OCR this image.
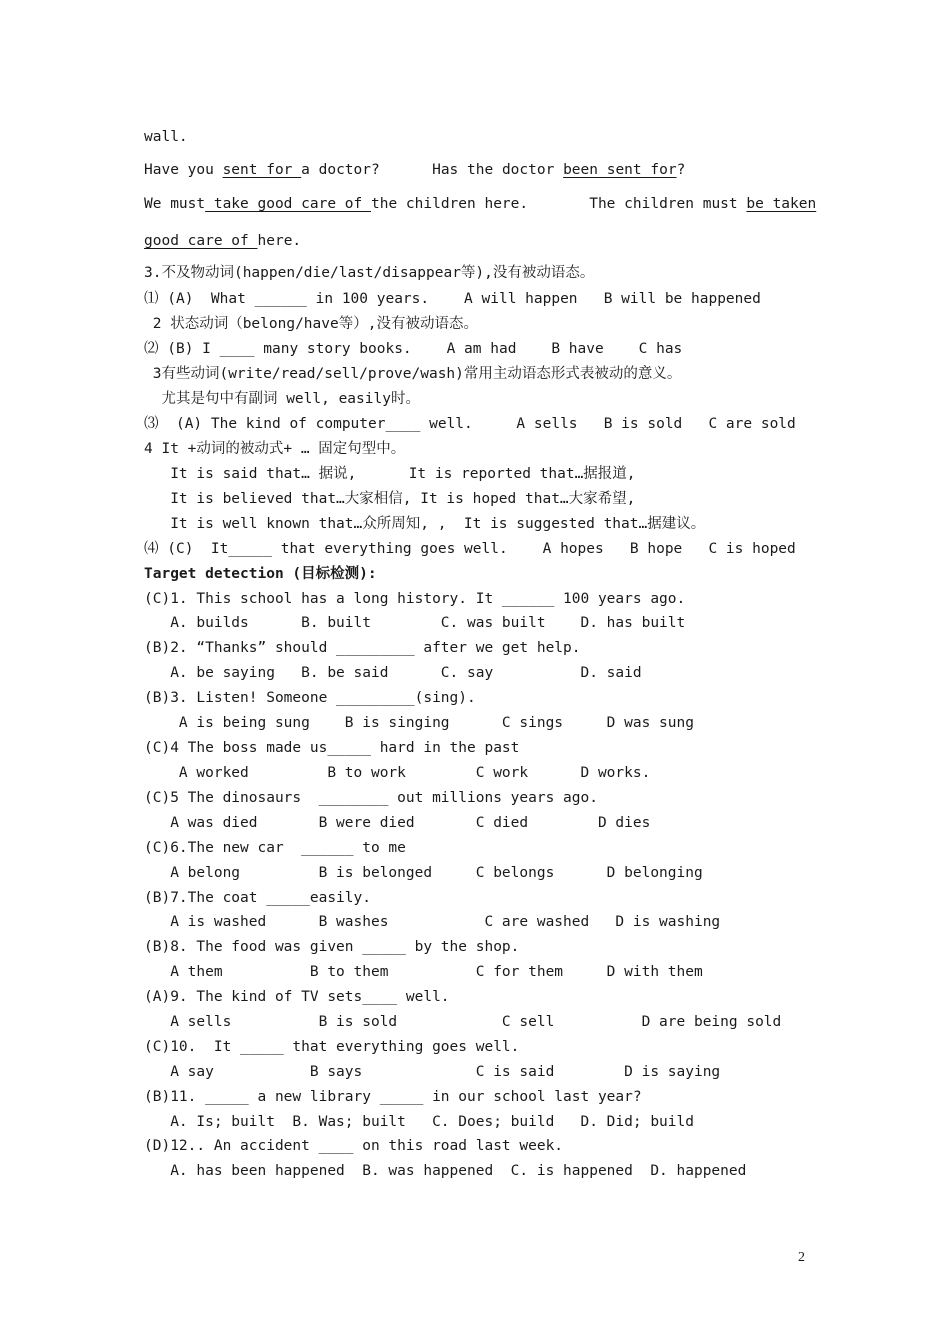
wall.
Have you sent for a doctor?      Has the doctor been sent for?
We must take good care of the children here.       The children must be taken
good care of here.
3.不及物动词(happen/die/last/disappear等),没有被动语态。
⑴ (A)  What ______ in 100 years.    A will happen   B will be happened
2 状态动词（belong/have等）,没有被动语态。
⑵ (B) I ____ many story books.    A am had    B have    C has
3有些动词(write/read/sell/prove/wash)常用主动语态形式表被动的意义。
尤其是句中有副词 well, easily时。
⑶  (A) The kind of computer____ well.     A sells   B is sold   C are sold
4 It +动词的被动式+ … 固定句型中。
It is said that… 据说,      It is reported that…据报道,
It is believed that…大家相信, It is hoped that…大家希望,
It is well known that…众所周知, ,  It is suggested that…据建议。
⑷ (C)  It_____ that everything goes well.    A hopes   B hope   C is hoped
Target detection (目标检测):
(C)1. This school has a long history. It ______ 100 years ago.
A. builds      B. built        C. was built    D. has built
(B)2. “Thanks” should _________ after we get help.
A. be saying   B. be said      C. say          D. said
(B)3. Listen! Someone _________(sing).
A is being sung    B is singing      C sings     D was sung
(C)4 The boss made us_____ hard in the past
A worked         B to work        C work      D works.
(C)5 The dinosaurs  ________ out millions years ago.
A was died       B were died       C died        D dies
(C)6.The new car  ______ to me
A belong         B is belonged     C belongs      D belonging
(B)7.The coat _____easily.
A is washed      B washes           C are washed   D is washing
(B)8. The food was given _____ by the shop.
A them          B to them          C for them     D with them
(A)9. The kind of TV sets____ well.
A sells          B is sold            C sell          D are being sold
(C)10.  It _____ that everything goes well.
A say           B says             C is said        D is saying
(B)11. _____ a new library _____ in our school last year?
A. Is; built  B. Was; built   C. Does; build   D. Did; build
(D)12.. An accident ____ on this road last week.
A. has been happened  B. was happened  C. is happened  D. happened
2
